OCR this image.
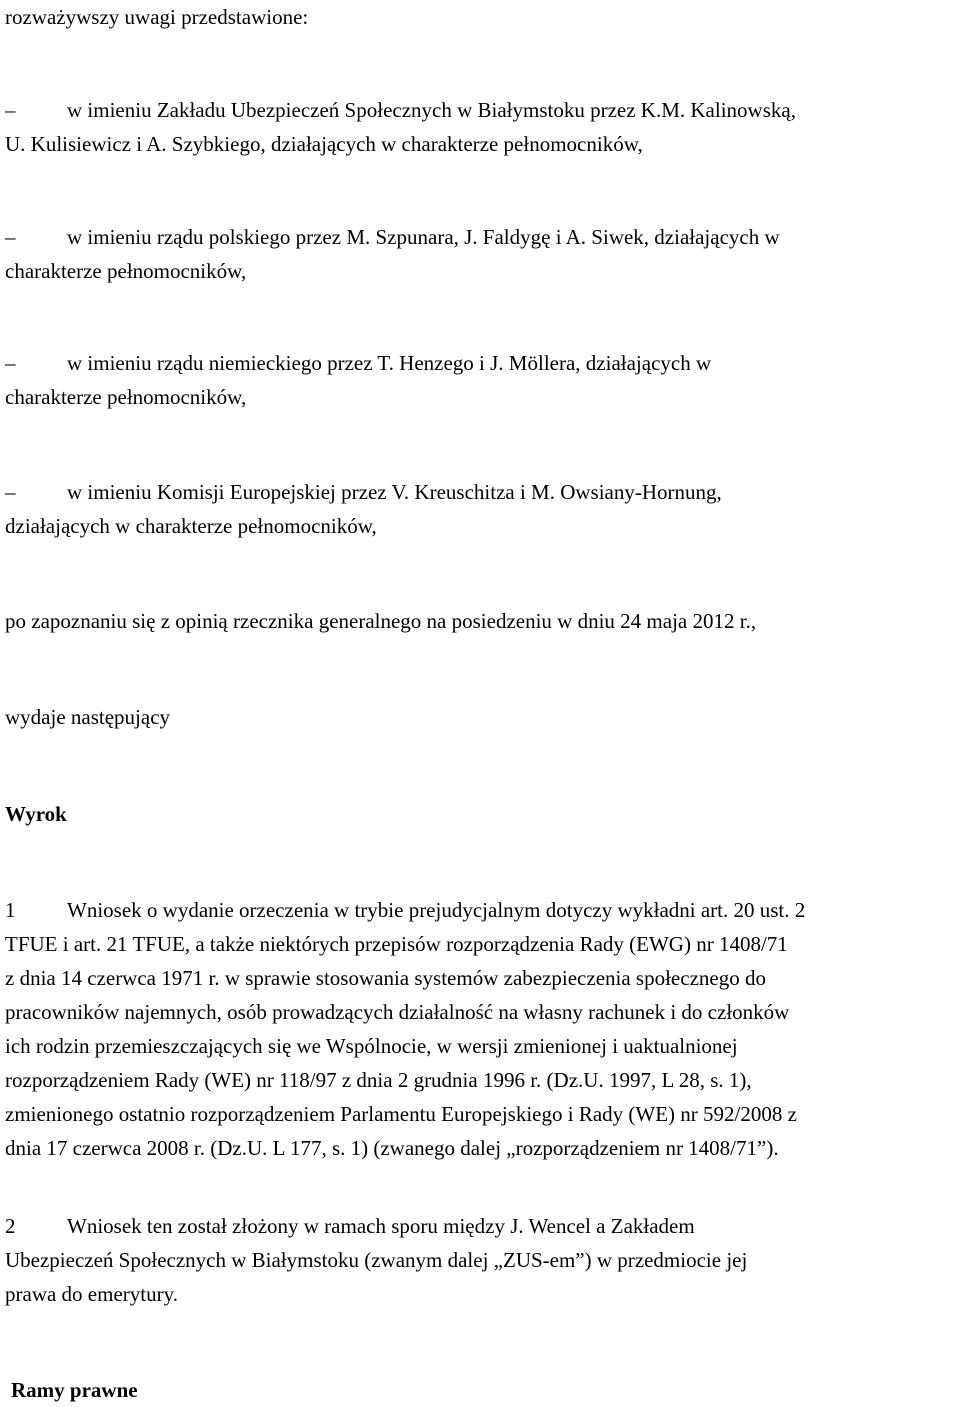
rozważywszy uwagi przedstawione:

– w imieniu Zakładu Ubezpieczeń Społecznych w Białymstoku przez K.M. Kalinowską,
U. Kulisiewicz i A. Szybkiego, działających w charakterze pełnomocników,

– w imieniu rządu polskiego przez M. Szpunara, J. Faldygę i A. Siwek, działających w
charakterze pełnomocników,

– w imieniu rządu niemieckiego przez T. Henzego i J. Möllera, działających w
charakterze pełnomocników,

– w imieniu Komisji Europejskiej przez V. Kreuschitza i M. Owsiany-Hornung,
działających w charakterze pełnomocników,

po zapoznaniu się z opinią rzecznika generalnego na posiedzeniu w dniu 24 maja 2012 r.,

wydaje następujący

Wyrok

1 Wniosek o wydanie orzeczenia w trybie prejudycjalnym dotyczy wykładni art. 20 ust. 2
TFUE i art. 21 TFUE, a także niektórych przepisów rozporządzenia Rady (EWG) nr 1408/71
z dnia 14 czerwca 1971 r. w sprawie stosowania systemów zabezpieczenia społecznego do
pracowników najemnych, osób prowadzących działalność na własny rachunek i do członków
ich rodzin przemieszczających się we Wspólnocie, w wersji zmienionej i uaktualnionej
rozporządzeniem Rady (WE) nr 118/97 z dnia 2 grudnia 1996 r. (Dz.U. 1997, L 28, s. 1),
zmienionego ostatnio rozporządzeniem Parlamentu Europejskiego i Rady (WE) nr 592/2008 z
dnia 17 czerwca 2008 r. (Dz.U. L 177, s. 1) (zwanego dalej „rozporządzeniem nr 1408/71”).
2 Wniosek ten został złożony w ramach sporu między J. Wencel a Zakładem
Ubezpieczeń Społecznych w Białymstoku (zwanym dalej „ZUS‑em”) w przedmiocie jej
prawa do emerytury.

Ramy prawne
